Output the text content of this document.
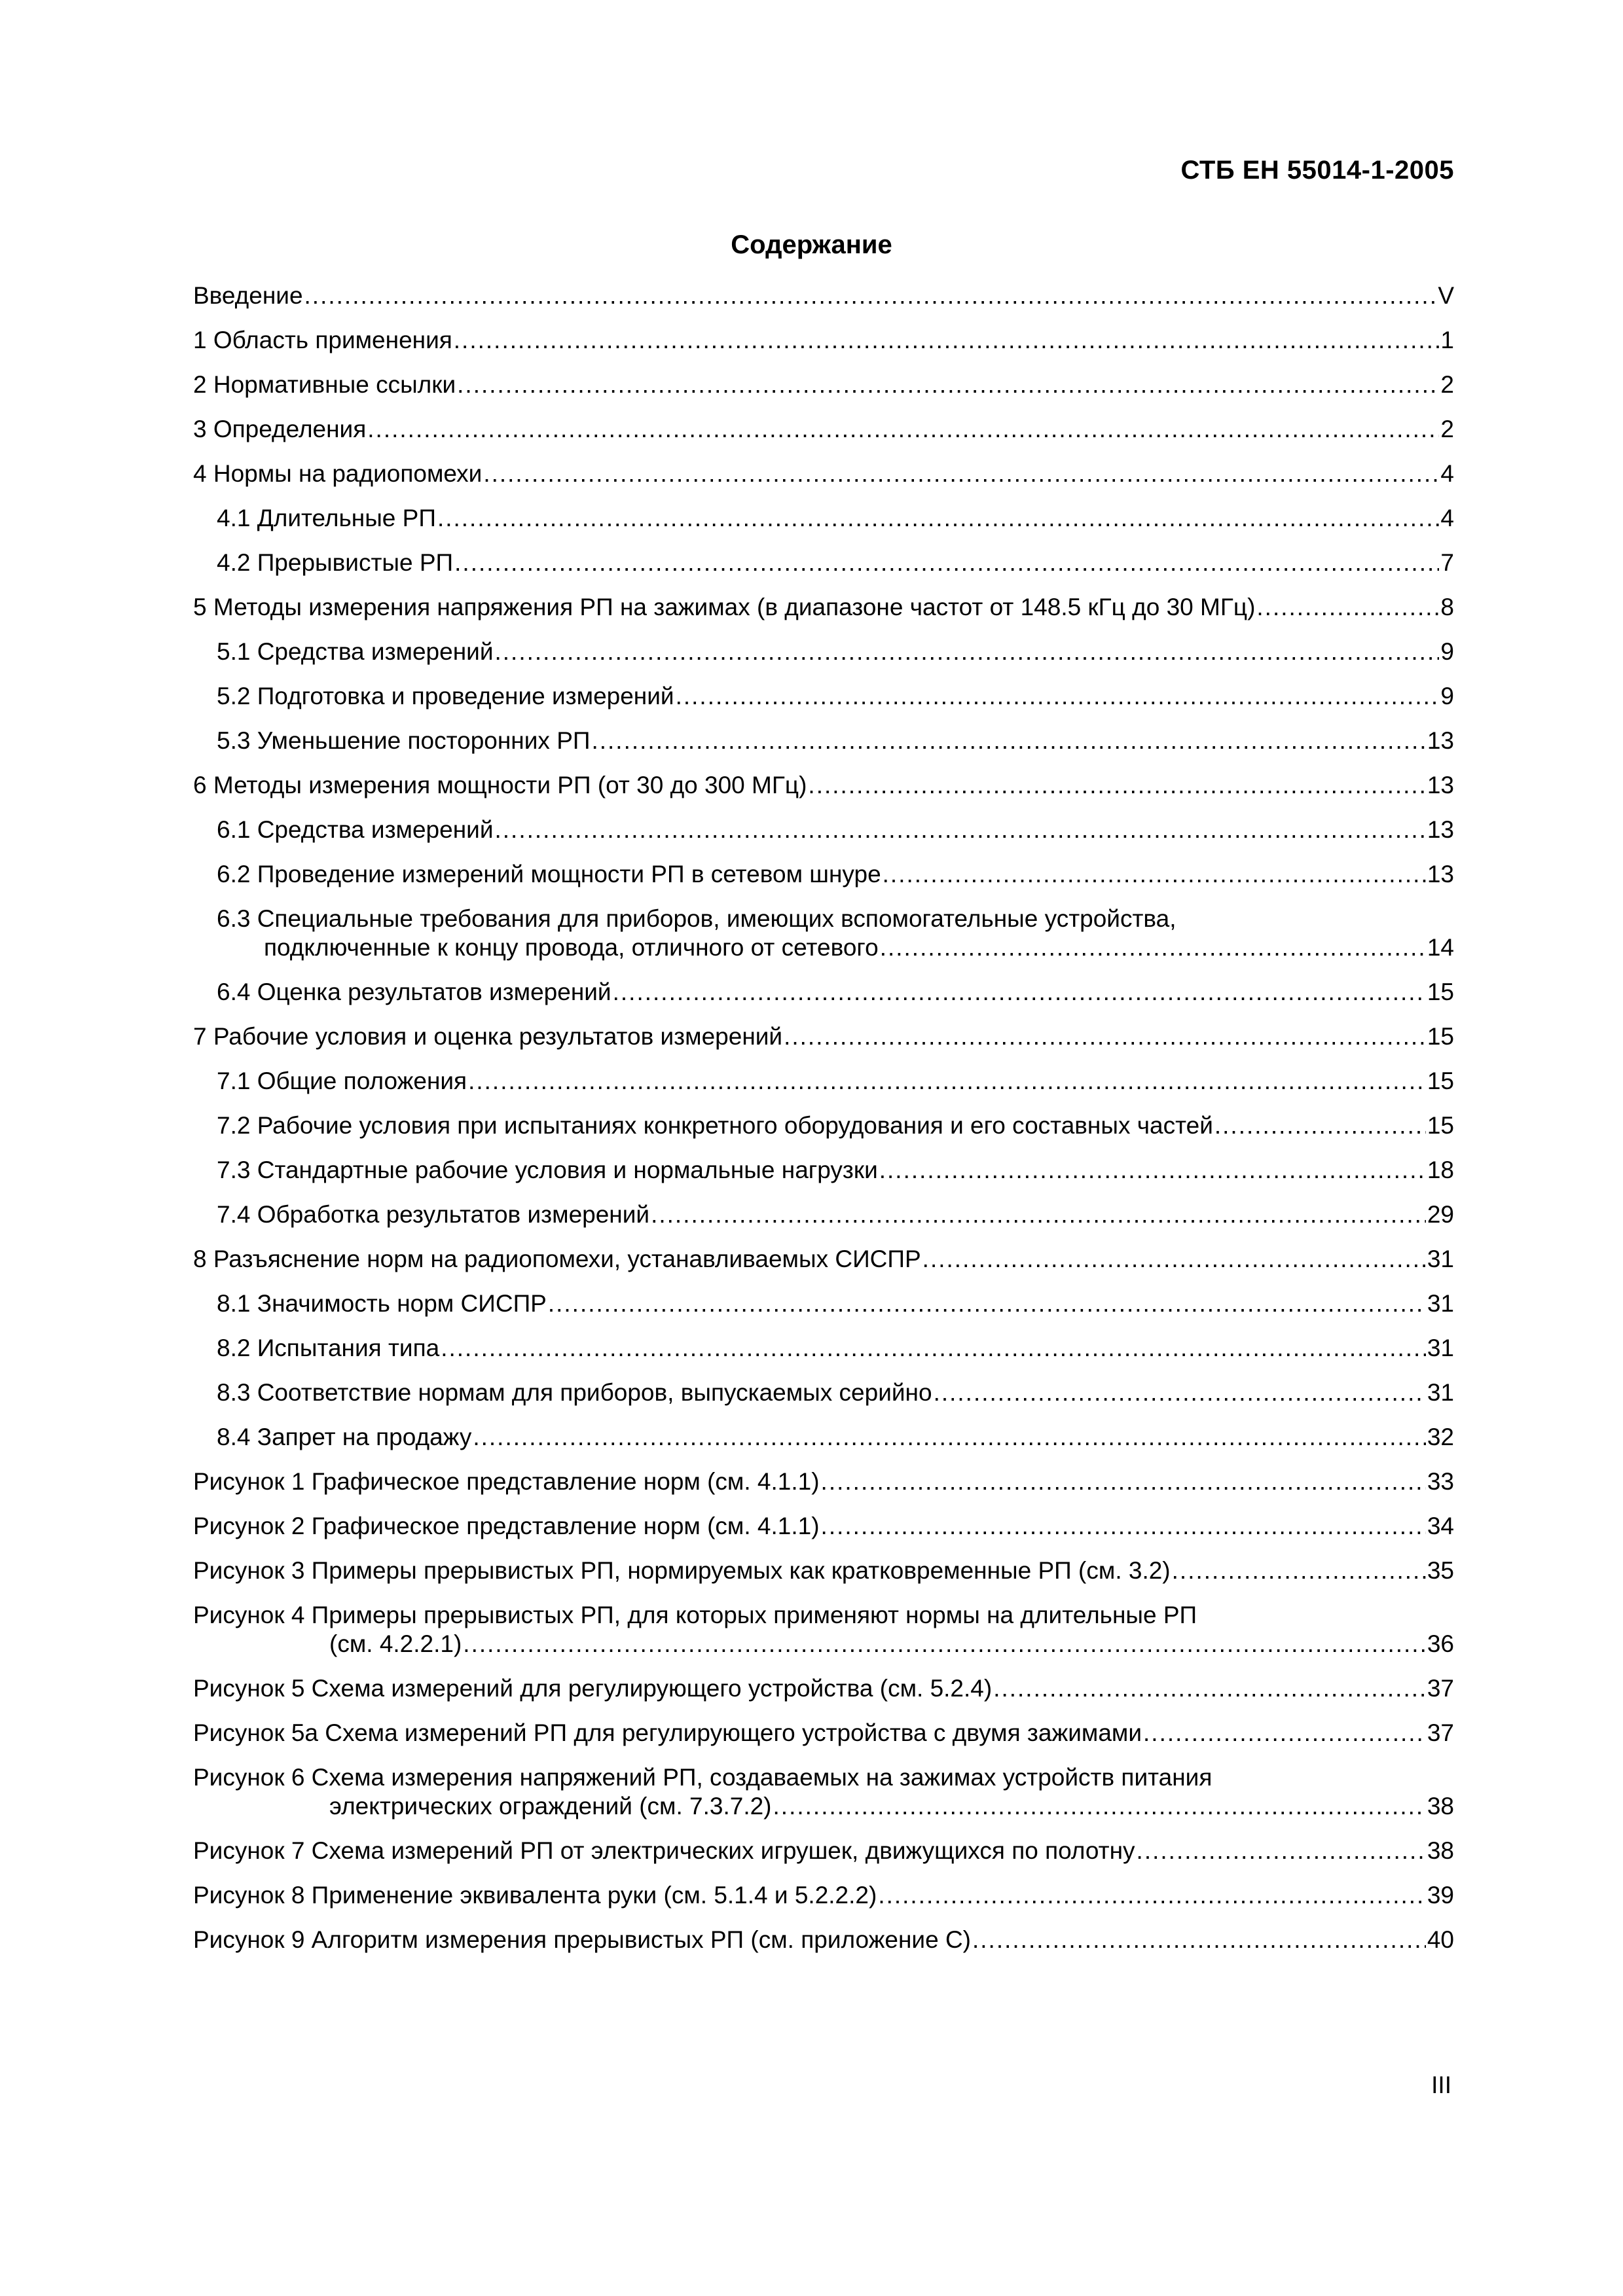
СТБ ЕН 55014-1-2005
Содержание
Введение .....	V
1 Область применения .....	1
2 Нормативные ссылки .....	2
3 Определения .....	2
4 Нормы на радиопомехи .....	4
4.1 Длительные РП .....	4
4.2 Прерывистые РП .....	7
5 Методы измерения напряжения РП на зажимах (в диапазоне частот от 148.5 кГц до 30 МГц) .....	8
5.1 Средства измерений .....	9
5.2 Подготовка и проведение измерений .....	9
5.3 Уменьшение посторонних РП .....	13
6 Методы измерения мощности РП (от 30 до 300 МГц) .....	13
6.1 Средства измерений .....	13
6.2 Проведение измерений мощности РП в сетевом шнуре .....	13
6.3 Специальные требования для приборов, имеющих вспомогательные устройства,
подключенные к концу провода, отличного от сетевого .....	14
6.4 Оценка результатов измерений .....	15
7 Рабочие условия и оценка результатов измерений .....	15
7.1 Общие положения .....	15
7.2 Рабочие условия при испытаниях конкретного оборудования и его составных частей .....	15
7.3 Стандартные рабочие условия и нормальные нагрузки .....	18
7.4 Обработка результатов измерений .....	29
8 Разъяснение норм на радиопомехи, устанавливаемых СИСПР .....	31
8.1 Значимость норм СИСПР .....	31
8.2 Испытания типа .....	31
8.3 Соответствие нормам для приборов, выпускаемых серийно .....	31
8.4 Запрет на продажу .....	32
Рисунок 1 Графическое представление норм (см. 4.1.1) .....	33
Рисунок 2 Графическое представление норм (см. 4.1.1) .....	34
Рисунок 3 Примеры прерывистых РП, нормируемых как кратковременные РП (см. 3.2) .....	35
Рисунок 4 Примеры прерывистых РП, для которых применяют нормы на длительные РП
(см. 4.2.2.1) .....	36
Рисунок 5 Схема измерений для регулирующего устройства (см. 5.2.4) .....	37
Рисунок 5а Схема измерений РП для регулирующего устройства с двумя зажимами .....	37
Рисунок 6 Схема измерения напряжений РП, создаваемых на зажимах устройств питания
электрических ограждений (см. 7.3.7.2) .....	38
Рисунок 7 Схема измерений РП от электрических игрушек, движущихся по полотну .....	38
Рисунок 8 Применение эквивалента руки (см. 5.1.4 и 5.2.2.2) .....	39
Рисунок 9 Алгоритм измерения прерывистых РП (см. приложение С) .....	40
III
